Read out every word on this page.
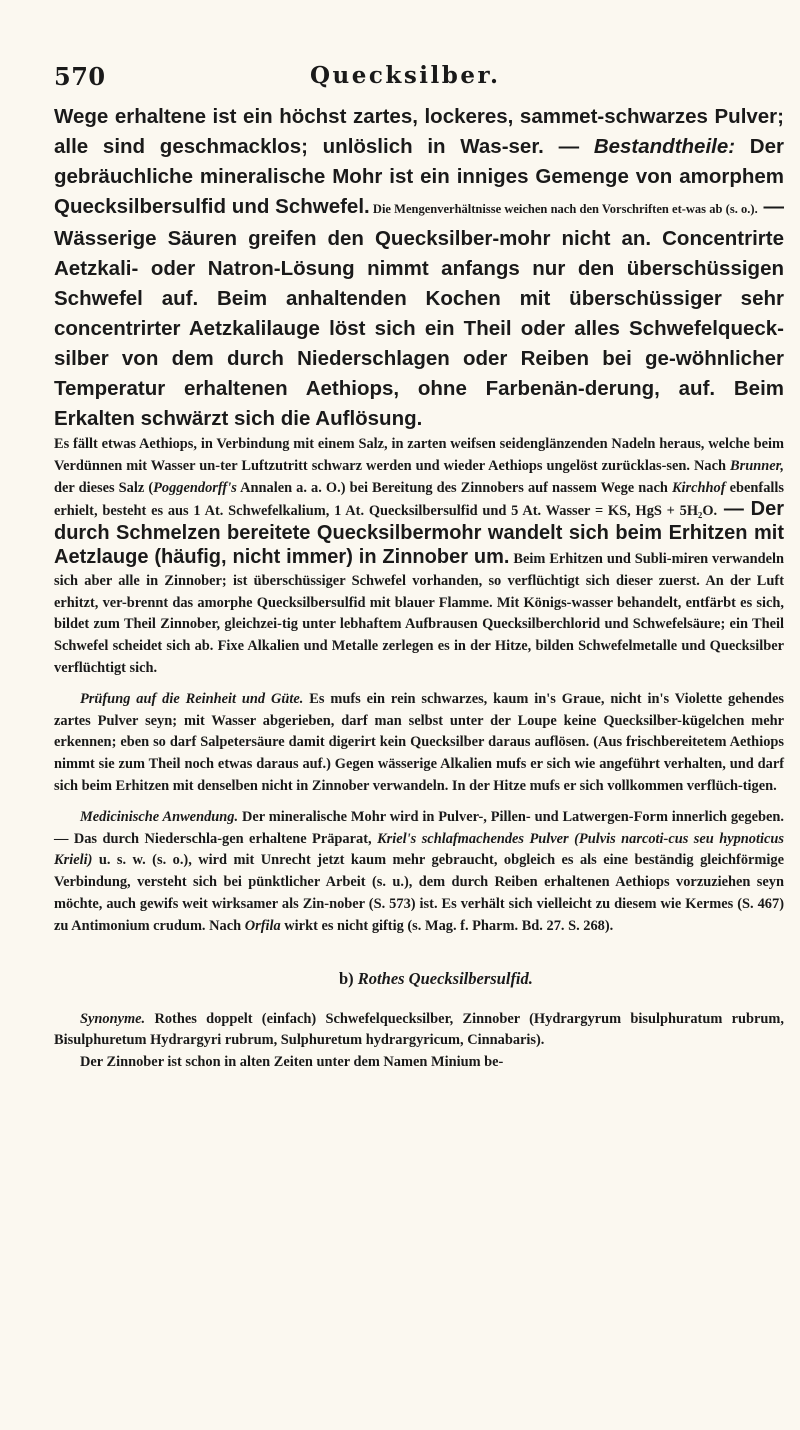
570	Quecksilber.

Wege erhaltene ist ein höchst zartes, lockeres, sammet-schwarzes Pulver; alle sind geschmacklos; unlöslich in Was-ser. — Bestandtheile: Der gebräuchliche mineralische Mohr ist ein inniges Gemenge von amorphem Quecksilbersulfid und Schwefel. Die Mengenverhältnisse weichen nach den Vorschriften et-was ab (s. o.). — Wässerige Säuren greifen den Quecksilber-mohr nicht an. Concentrirte Aetzkali- oder Natron-Lösung nimmt anfangs nur den überschüssigen Schwefel auf. Beim anhaltenden Kochen mit überschüssiger sehr concentrirter Aetzkalilauge löst sich ein Theil oder alles Schwefelqueck-silber von dem durch Niederschlagen oder Reiben bei ge-wöhnlicher Temperatur erhaltenen Aethiops, ohne Farbenän-derung, auf. Beim Erkalten schwärzt sich die Auflösung.

Es fällt etwas Aethiops, in Verbindung mit einem Salz, in zarten weifsen seidenglänzenden Nadeln heraus, welche beim Verdünnen mit Wasser un-ter Luftzutritt schwarz werden und wieder Aethiops ungelöst zurücklas-sen. Nach Brunner, der dieses Salz (Poggendorff's Annalen a. a. O.) bei Bereitung des Zinnobers auf nassem Wege nach Kirchhof ebenfalls erhielt, besteht es aus 1 At. Schwefelkalium, 1 At. Quecksilbersulfid und 5 At. Wasser = KS, HgS + 5H₂O. — Der durch Schmelzen bereitete Quecksilbermohr wandelt sich beim Erhitzen mit Aetzlauge (häufig, nicht immer) in Zinnober um. Beim Erhitzen und Subli-miren verwandeln sich aber alle in Zinnober; ist überschüssiger Schwefel vorhanden, so verflüchtigt sich dieser zuerst. An der Luft erhitzt, ver-brennt das amorphe Quecksilbersulfid mit blauer Flamme. Mit Königs-wasser behandelt, entfärbt es sich, bildet zum Theil Zinnober, gleichzei-tig unter lebhaftem Aufbrausen Quecksilberchlorid und Schwefelsäure; ein Theil Schwefel scheidet sich ab. Fixe Alkalien und Metalle zerlegen es in der Hitze, bilden Schwefelmetalle und Quecksilber verflüchtigt sich.

Prüfung auf die Reinheit und Güte. Es mufs ein rein schwarzes, kaum in's Graue, nicht in's Violette gehendes zartes Pulver seyn; mit Wasser abgerieben, darf man selbst unter der Loupe keine Quecksilber-kügelchen mehr erkennen; eben so darf Salpetersäure damit digerirt kein Quecksilber daraus auflösen. (Aus frischbereitetem Aethiops nimmt sie zum Theil noch etwas daraus auf.) Gegen wässerige Alkalien mufs er sich wie angeführt verhalten, und darf sich beim Erhitzen mit denselben nicht in Zinnober verwandeln. In der Hitze mufs er sich vollkommen verflüch-tigen.

Medicinische Anwendung. Der mineralische Mohr wird in Pulver-, Pillen- und Latwergen-Form innerlich gegeben. — Das durch Niederschla-gen erhaltene Präparat, Kriel's schlafmachendes Pulver (Pulvis narcoti-cus seu hypnoticus Krieli) u. s. w. (s. o.), wird mit Unrecht jetzt kaum mehr gebraucht, obgleich es als eine beständig gleichförmige Verbindung, versteht sich bei pünktlicher Arbeit (s. u.), dem durch Reiben erhaltenen Aethiops vorzuziehen seyn möchte, auch gewifs weit wirksamer als Zin-nober (S. 573) ist. Es verhält sich vielleicht zu diesem wie Kermes (S. 467) zu Antimonium crudum. Nach Orfila wirkt es nicht giftig (s. Mag. f. Pharm. Bd. 27. S. 268).

b) Rothes Quecksilbersulfid.

Synonyme. Rothes doppelt (einfach) Schwefelquecksilber, Zinnober (Hydrargyrum bisulphuratum rubrum, Bisulphuretum Hydrargyri rubrum, Sulphuretum hydrargyricum, Cinnabaris).

Der Zinnober ist schon in alten Zeiten unter dem Namen Minium be-
